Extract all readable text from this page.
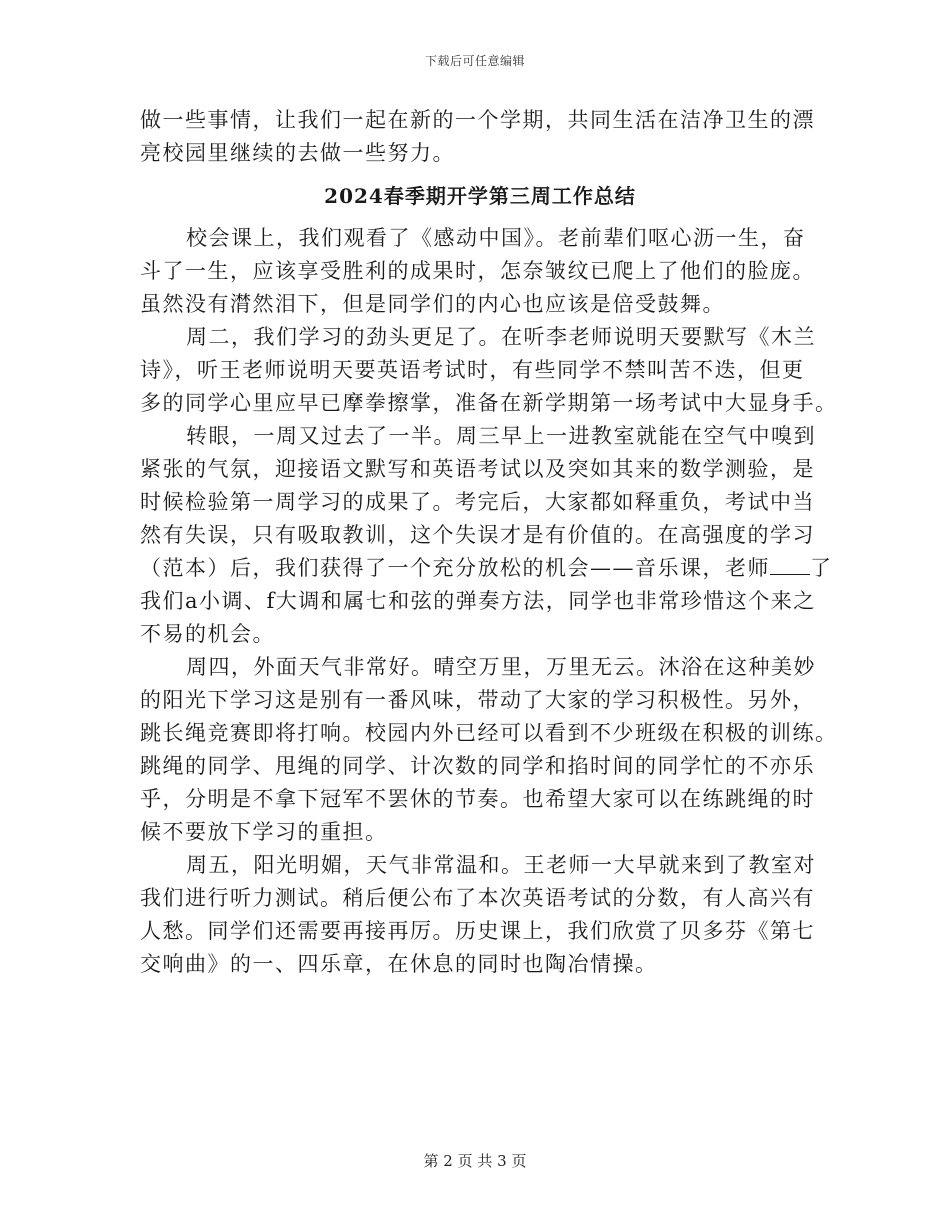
下载后可任意编辑
做一些事情，让我们一起在新的一个学期，共同生活在洁净卫生的漂
亮校园里继续的去做一些努力。
2024春季期开学第三周工作总结
校会课上，我们观看了《感动中国》。老前辈们呕心沥一生，奋
斗了一生，应该享受胜利的成果时，怎奈皱纹已爬上了他们的脸庞。
虽然没有潸然泪下，但是同学们的内心也应该是倍受鼓舞。
周二，我们学习的劲头更足了。在听李老师说明天要默写《木兰
诗》，听王老师说明天要英语考试时，有些同学不禁叫苦不迭，但更
多的同学心里应早已摩拳擦掌，准备在新学期第一场考试中大显身手。
转眼，一周又过去了一半。周三早上一进教室就能在空气中嗅到
紧张的气氛，迎接语文默写和英语考试以及突如其来的数学测验，是
时候检验第一周学习的成果了。考完后，大家都如释重负，考试中当
然有失误，只有吸取教训，这个失误才是有价值的。在高强度的学习
（范本）后，我们获得了一个充分放松的机会——音乐课，老师 了
我们a小调、f大调和属七和弦的弹奏方法，同学也非常珍惜这个来之
不易的机会。
周四，外面天气非常好。晴空万里，万里无云。沐浴在这种美妙
的阳光下学习这是别有一番风味，带动了大家的学习积极性。另外，
跳长绳竞赛即将打响。校园内外已经可以看到不少班级在积极的训练。
跳绳的同学、甩绳的同学、计次数的同学和掐时间的同学忙的不亦乐
乎，分明是不拿下冠军不罢休的节奏。也希望大家可以在练跳绳的时
候不要放下学习的重担。
周五，阳光明媚，天气非常温和。王老师一大早就来到了教室对
我们进行听力测试。稍后便公布了本次英语考试的分数，有人高兴有
人愁。同学们还需要再接再厉。历史课上，我们欣赏了贝多芬《第七
交响曲》的一、四乐章，在休息的同时也陶冶情操。
第 2 页 共 3 页
